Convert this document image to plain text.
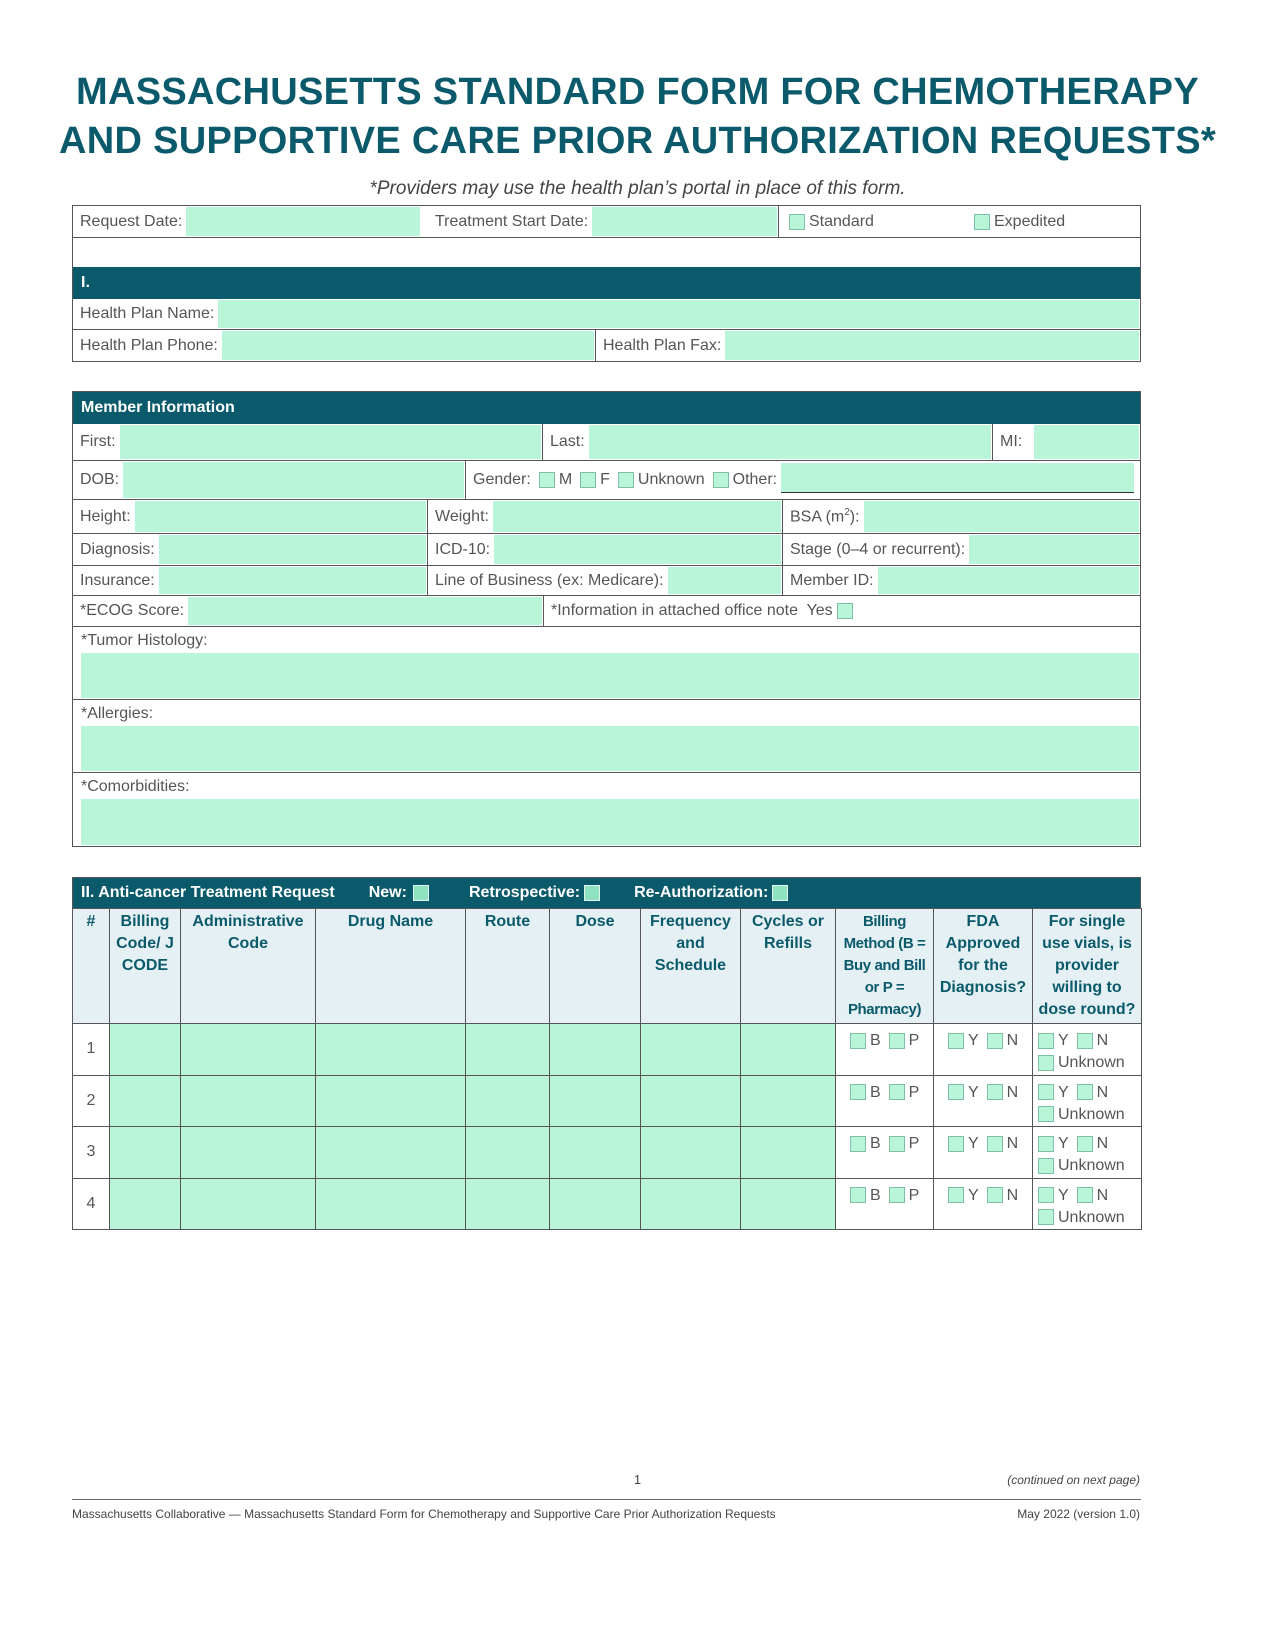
MASSACHUSETTS STANDARD FORM FOR CHEMOTHERAPY
AND SUPPORTIVE CARE PRIOR AUTHORIZATION REQUESTS*
*Providers may use the health plan’s portal in place of this form.
Request Date:	Treatment Start Date:	Standard	Expedited
I.
Health Plan Name:
Health Plan Phone:	Health Plan Fax:
Member Information
First:	Last:	MI:
DOB:	Gender:	M F Unknown Other:
Height:	Weight:	BSA $(m^2)$:
Diagnosis:	ICD-10:	Stage (0–4 or recurrent):
Insurance:	Line of Business (ex: Medicare):	Member ID:
*ECOG Score:	*Information in attached office note  Yes
*Tumor Histology:
*Allergies:
*Comorbidities:
II. Anti-cancer Treatment Request New:	Retrospective:	Re-Authorization:
#	Billing Code/ J CODE	Administrative Code	Drug Name	Route	Dose	Frequency and Schedule	Cycles or Refills	Billing Method (B = Buy and Bill or P = Pharmacy)	FDA Approved for the Diagnosis?	For single use vials, is provider willing to dose round?
1								B P	Y N	Y N
Unknown
2								B P	Y N	Y N
Unknown
3								B P	Y N	Y N
Unknown
4								B P	Y N	Y N
Unknown
1	(continued on next page)
Massachusetts Collaborative — Massachusetts Standard Form for Chemotherapy and Supportive Care Prior Authorization Requests	May 2022 (version 1.0)
